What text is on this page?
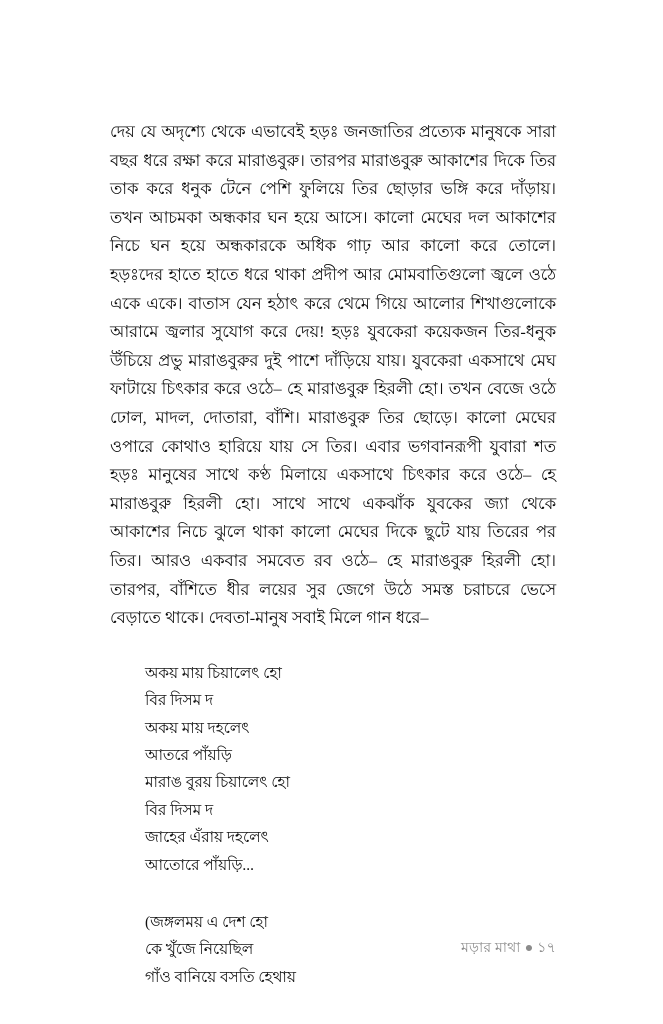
দেয় যে অদৃশ্যে থেকে এভাবেই হড়ঃ জনজাতির প্রত্যেক মানুষকে সারা বছর ধরে রক্ষা করে মারাঙবুরু। তারপর মারাঙবুরু আকাশের দিকে তির তাক করে ধনুক টেনে পেশি ফুলিয়ে তির ছোড়ার ভঙ্গি করে দাঁড়ায়। তখন আচমকা অন্ধকার ঘন হয়ে আসে। কালো মেঘের দল আকাশের নিচে ঘন হয়ে অন্ধকারকে অধিক গাঢ় আর কালো করে তোলে। হড়ঃদের হাতে হাতে ধরে থাকা প্রদীপ আর মোমবাতিগুলো জ্বলে ওঠে একে একে। বাতাস যেন হঠাৎ করে থেমে গিয়ে আলোর শিখাগুলোকে আরামে জ্বলার সুযোগ করে দেয়! হড়ঃ যুবকেরা কয়েকজন তির-ধনুক উঁচিয়ে প্রভু মারাঙবুরুর দুই পাশে দাঁড়িয়ে যায়। যুবকেরা একসাথে মেঘ ফাটায়ে চিৎকার করে ওঠে– হে মারাঙবুরু হিরলী হো। তখন বেজে ওঠে ঢোল, মাদল, দোতারা, বাঁশি। মারাঙবুরু তির ছোড়ে। কালো মেঘের ওপারে কোথাও হারিয়ে যায় সে তির। এবার ভগবানরূপী যুবারা শত হড়ঃ মানুষের সাথে কণ্ঠ মিলায়ে একসাথে চিৎকার করে ওঠে– হে মারাঙবুরু হিরলী হো। সাথে সাথে একঝাঁক যুবকের জ্যা থেকে আকাশের নিচে ঝুলে থাকা কালো মেঘের দিকে ছুটে যায় তিরের পর তির। আরও একবার সমবেত রব ওঠে– হে মারাঙবুরু হিরলী হো। তারপর, বাঁশিতে ধীর লয়ের সুর জেগে উঠে সমস্ত চরাচরে ভেসে বেড়াতে থাকে। দেবতা-মানুষ সবাই মিলে গান ধরে–

অকয় মায় চিয়ালেৎ হো
বির দিসম দ
অকয় মায় দহলেৎ
আতরে পাঁয়ড়ি
মারাঙ বুরয় চিয়ালেৎ হো
বির দিসম দ
জাহের এঁরায় দহলেৎ
আতোরে পাঁয়ড়ি...
(জঙ্গলময় এ দেশ হো
কে খুঁজে নিয়েছিল
গাঁও বানিয়ে বসতি হেথায়
মড়ার মাথা ● ১৭
